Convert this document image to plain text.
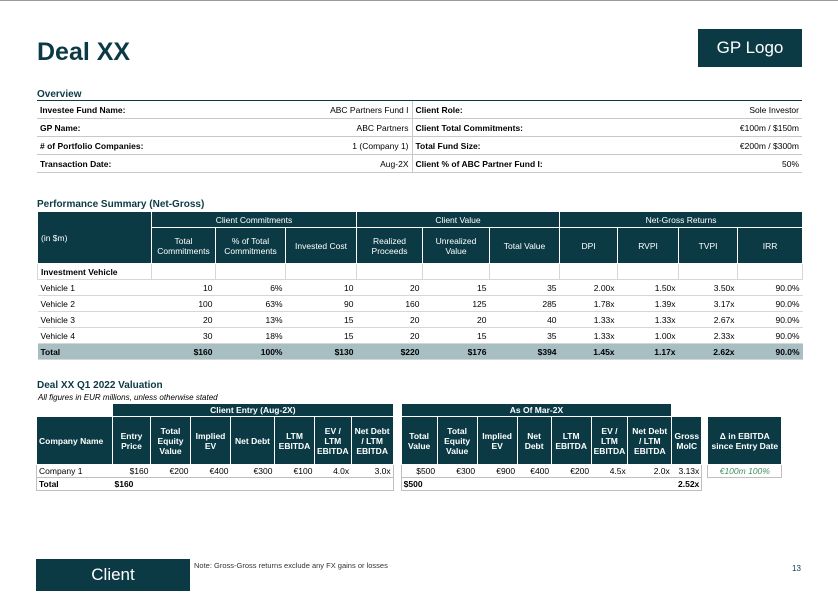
Deal XX	GP Logo
Overview
Investee Fund Name:	ABC Partners Fund I	Client Role:	Sole Investor
GP Name:	ABC Partners	Client Total Commitments:	€100m / $150m
# of Portfolio Companies:	1 (Company 1)	Total Fund Size:	€200m / $300m
Transaction Date:	Aug-2X	Client % of ABC Partner Fund I:	50%
Performance Summary (Net-Gross)
(in $m)	Client Commitments			Client Value			Net-Gross Returns			
	Total Commitments	% of Total Commitments	Invested Cost	Realized Proceeds	Unrealized Value	Total Value	DPI	RVPI	TVPI	IRR
Investment Vehicle										
Vehicle 1	10	6%	10	20	15	35	2.00x	1.50x	3.50x	90.0%
Vehicle 2	100	63%	90	160	125	285	1.78x	1.39x	3.17x	90.0%
Vehicle 3	20	13%	15	20	20	40	1.33x	1.33x	2.67x	90.0%
Vehicle 4	30	18%	15	20	15	35	1.33x	1.00x	2.33x	90.0%
Total	$160	100%	$130	$220	$176	$394	1.45x	1.17x	2.62x	90.0%
Deal XX Q1 2022 Valuation
All figures in EUR millions, unless otherwise stated
	Client Entry (Aug-2X)								As Of Mar-2X									
Company Name	Entry Price	Total Equity Value	Implied EV	Net Debt	LTM EBITDA	EV / LTM EBITDA	Net Debt / LTM EBITDA		Total Value	Total Equity Value	Implied EV	Net Debt	LTM EBITDA	EV / LTM EBITDA	Net Debt / LTM EBITDA	Gross MoIC		Δ in EBITDA since Entry Date
Company 1	$160	€200	€400	€300	€100	4.0x	3.0x		$500	€300	€900	€400	€200	4.5x	2.0x	3.13x		€100m 100%
Total	$160								$500							2.52x		
Client	Note: Gross-Gross returns exclude any FX gains or losses	13
